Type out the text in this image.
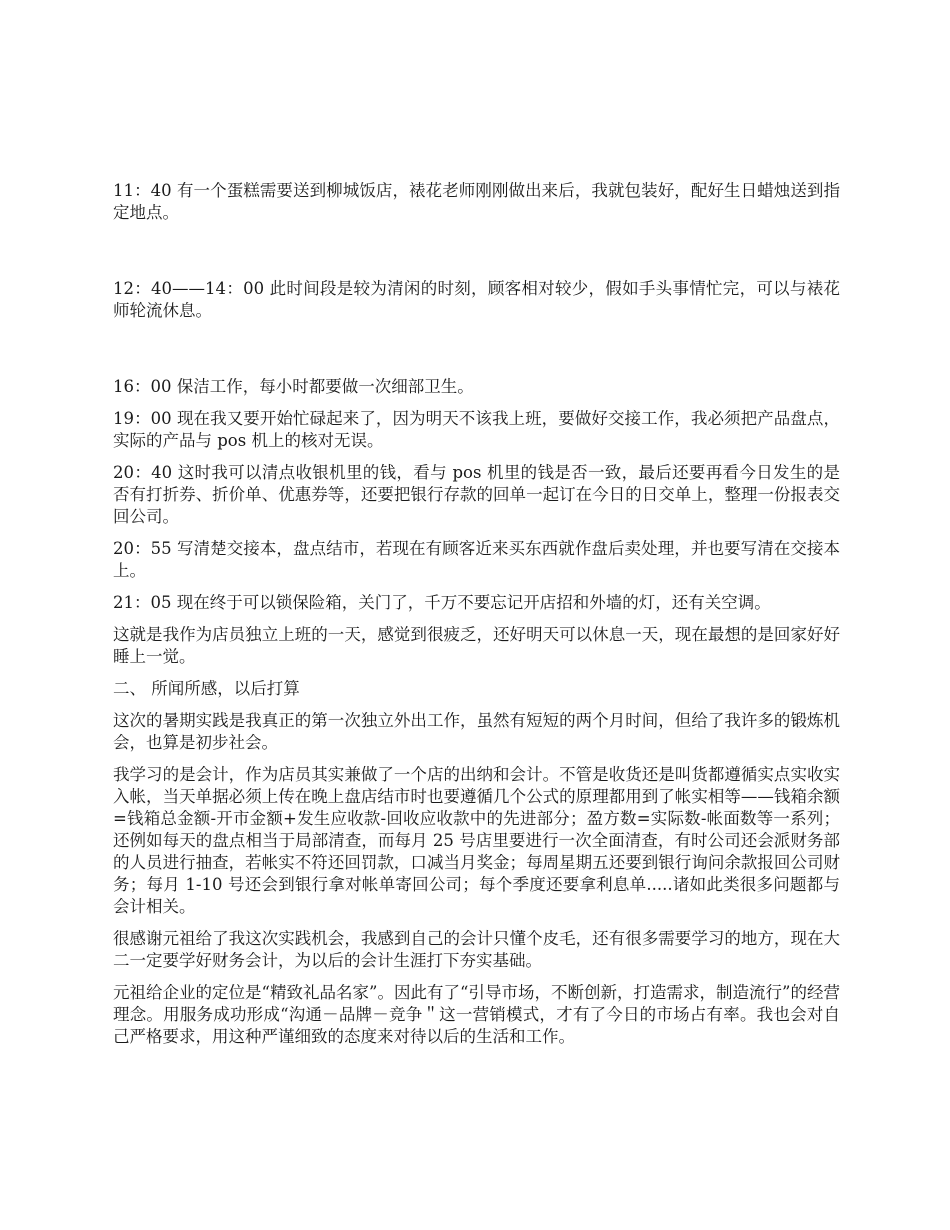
11：40 有一个蛋糕需要送到柳城饭店，裱花老师刚刚做出来后，我就包装好，配好生日蜡烛送到指定地点。

12：40——14：00 此时间段是较为清闲的时刻，顾客相对较少，假如手头事情忙完，可以与裱花师轮流休息。

16：00 保洁工作，每小时都要做一次细部卫生。

19：00 现在我又要开始忙碌起来了，因为明天不该我上班，要做好交接工作，我必须把产品盘点，实际的产品与 pos 机上的核对无误。

20：40 这时我可以清点收银机里的钱，看与 pos 机里的钱是否一致，最后还要再看今日发生的是否有打折券、折价单、优惠券等，还要把银行存款的回单一起订在今日的日交单上，整理一份报表交回公司。

20：55 写清楚交接本，盘点结市，若现在有顾客近来买东西就作盘后卖处理，并也要写清在交接本上。

21：05 现在终于可以锁保险箱，关门了，千万不要忘记开店招和外墙的灯，还有关空调。

这就是我作为店员独立上班的一天，感觉到很疲乏，还好明天可以休息一天，现在最想的是回家好好睡上一觉。

二、 所闻所感，以后打算

这次的暑期实践是我真正的第一次独立外出工作，虽然有短短的两个月时间，但给了我许多的锻炼机会，也算是初步社会。

我学习的是会计，作为店员其实兼做了一个店的出纳和会计。不管是收货还是叫货都遵循实点实收实入帐，当天单据必须上传在晚上盘店结市时也要遵循几个公式的原理都用到了帐实相等——钱箱余额=钱箱总金额-开市金额+发生应收款-回收应收款中的先进部分；盈方数=实际数-帐面数等一系列；还例如每天的盘点相当于局部清查，而每月 25 号店里要进行一次全面清查，有时公司还会派财务部的人员进行抽查，若帐实不符还回罚款，口减当月奖金；每周星期五还要到银行询问余款报回公司财务；每月 1-10 号还会到银行拿对帐单寄回公司；每个季度还要拿利息单.....诸如此类很多问题都与会计相关。

很感谢元祖给了我这次实践机会，我感到自己的会计只懂个皮毛，还有很多需要学习的地方，现在大二一定要学好财务会计，为以后的会计生涯打下夯实基础。

元祖给企业的定位是“精致礼品名家”。因此有了“引导市场，不断创新，打造需求，制造流行”的经营理念。用服务成功形成“沟通－品牌－竞争＂这一营销模式，才有了今日的市场占有率。我也会对自己严格要求，用这种严谨细致的态度来对待以后的生活和工作。
